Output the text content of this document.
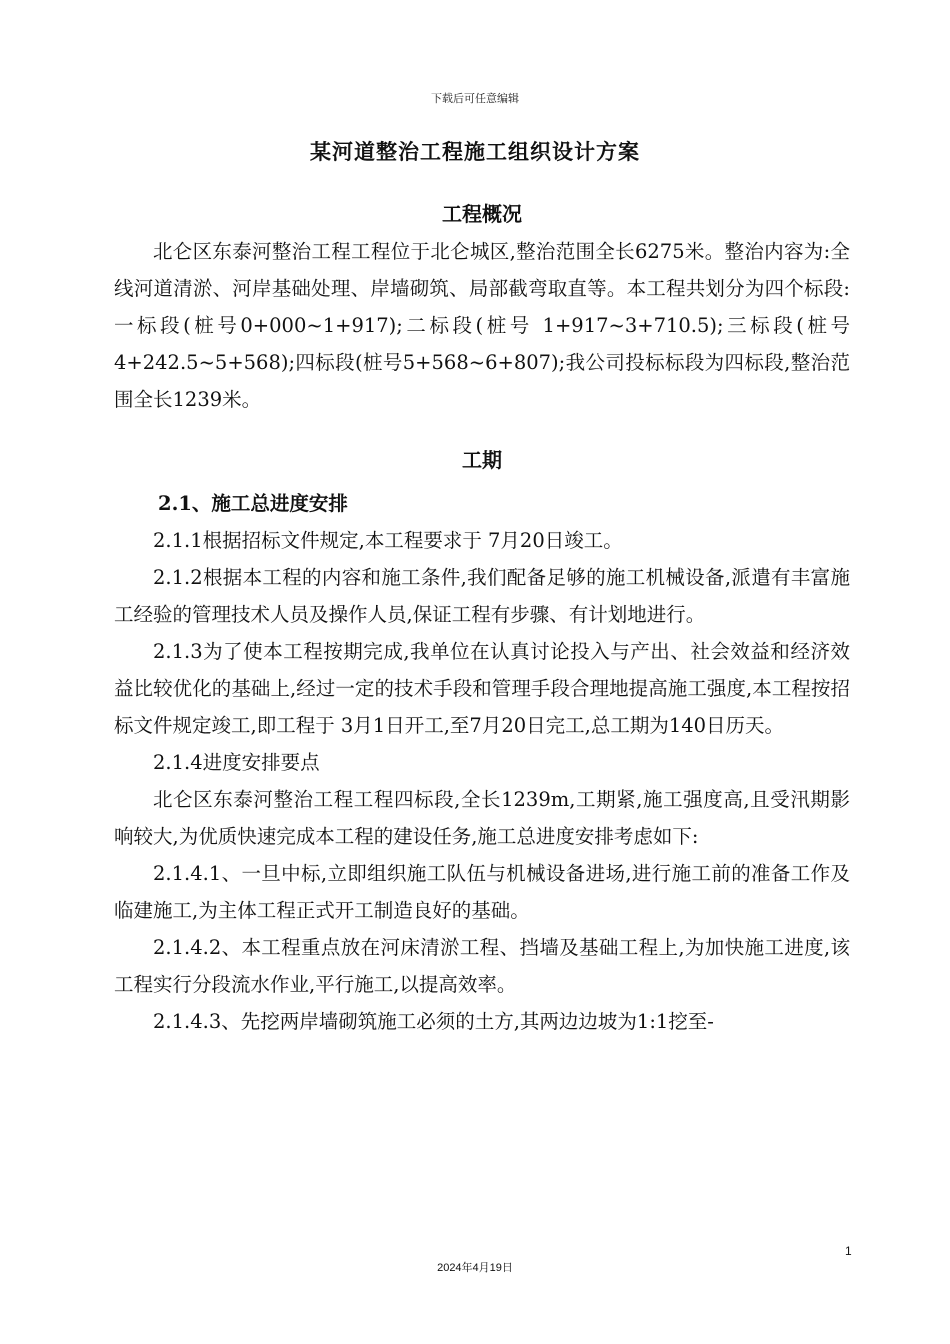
下载后可任意编辑
某河道整治工程施工组织设计方案
工程概况

北仑区东泰河整治工程工程位于北仑城区,整治范围全长6275米。整治内容为:全线河道清淤、河岸基础处理、岸墙砌筑、局部截弯取直等。本工程共划分为四个标段:一标段(桩号0+000~1+917);二标段(桩号 1+917~3+710.5);三标段(桩号4+242.5~5+568);四标段(桩号5+568~6+807);我公司投标标段为四标段,整治范围全长1239米。

工期
2.1、施工总进度安排

2.1.1根据招标文件规定,本工程要求于 7月20日竣工。

2.1.2根据本工程的内容和施工条件,我们配备足够的施工机械设备,派遣有丰富施工经验的管理技术人员及操作人员,保证工程有步骤、有计划地进行。

2.1.3为了使本工程按期完成,我单位在认真讨论投入与产出、社会效益和经济效益比较优化的基础上,经过一定的技术手段和管理手段合理地提高施工强度,本工程按招标文件规定竣工,即工程于 3月1日开工,至7月20日完工,总工期为140日历天。

2.1.4进度安排要点

北仑区东泰河整治工程工程四标段,全长1239m,工期紧,施工强度高,且受汛期影响较大,为优质快速完成本工程的建设任务,施工总进度安排考虑如下:

2.1.4.1、一旦中标,立即组织施工队伍与机械设备进场,进行施工前的准备工作及临建施工,为主体工程正式开工制造良好的基础。

2.1.4.2、本工程重点放在河床清淤工程、挡墙及基础工程上,为加快施工进度,该工程实行分段流水作业,平行施工,以提高效率。

2.1.4.3、先挖两岸墙砌筑施工必须的土方,其两边边坡为1:1挖至-

1
2024年4月19日
